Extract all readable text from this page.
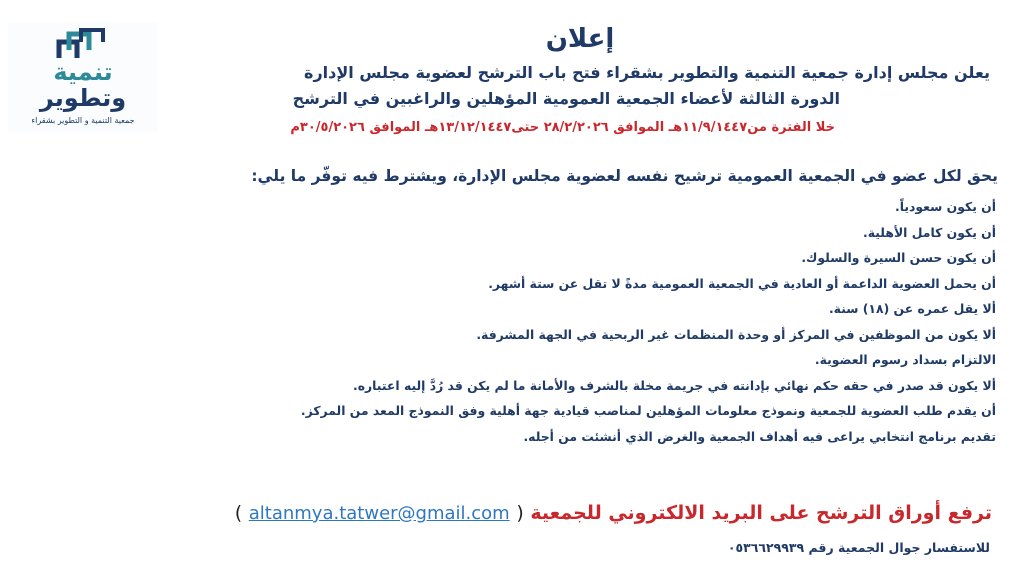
تنمية
وتطوير
جمعية التنمية و التطوير بشقراء
إعلان
يعلن مجلس إدارة جمعية التنمية والتطوير بشقراء فتح باب الترشح لعضوية مجلس الإدارة
الدورة الثالثة لأعضاء الجمعية العمومية المؤهلين والراغبين في الترشح
خلا الفترة من١١/٩/١٤٤٧هـ الموافق ٢٨/٢/٢٠٢٦ حتى١٣/١٢/١٤٤٧هـ الموافق ٣٠/٥/٢٠٢٦م
يحق لكل عضو في الجمعية العمومية ترشيح نفسه لعضوية مجلس الإدارة، ويشترط فيه توفّر ما يلي:
أن يكون سعودياً.
أن يكون كامل الأهلية.
أن يكون حسن السيرة والسلوك.
أن يحمل العضوية الداعمة أو العادية في الجمعية العمومية مدةً لا تقل عن ستة أشهر.
ألا يقل عمره عن (١٨) سنة.
ألا يكون من الموظفين في المركز أو وحدة المنظمات غير الربحية في الجهة المشرفة.
الالتزام بسداد رسوم العضوية.
ألا يكون قد صدر في حقه حكم نهائي بإدانته في جريمة مخلة بالشرف والأمانة ما لم يكن قد رُدَّ إليه اعتباره.
أن يقدم طلب العضوية للجمعية ونموذج معلومات المؤهلين لمناصب قيادية جهة أهلية وفق النموذج المعد من المركز.
تقديم برنامج انتخابي يراعى فيه أهداف الجمعية والغرض الذي أنشئت من أجله.
ترفع أوراق الترشح على البريد الالكتروني للجمعية ( altanmya.tatwer@gmail.com )
للاستفسار جوال الجمعية رقم ٠٥٣٦٦٢٩٩٣٩
